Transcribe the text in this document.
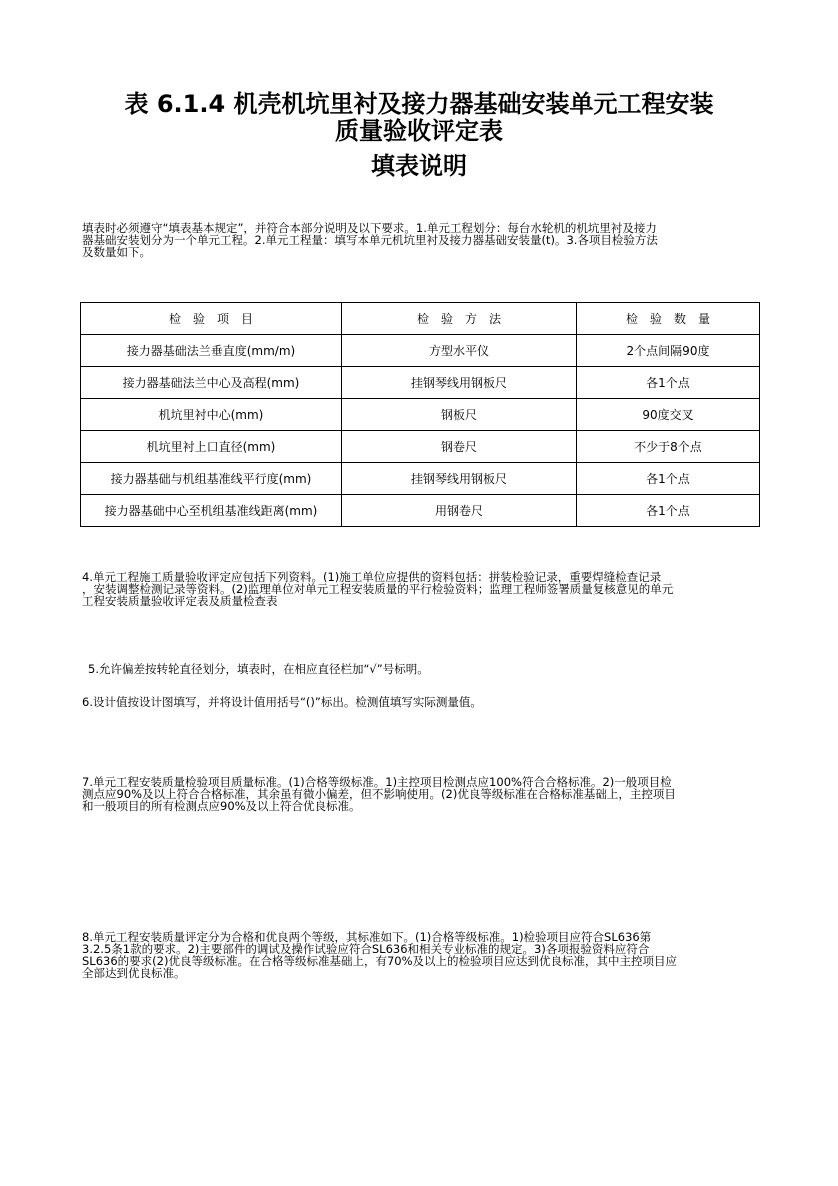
表 6.1.4 机壳机坑里衬及接力器基础安装单元工程安装
质量验收评定表
填表说明
填表时必须遵守“填表基本规定”，并符合本部分说明及以下要求。1.单元工程划分：每台水轮机的机坑里衬及接力
器基础安装划分为一个单元工程。2.单元工程量：填写本单元机坑里衬及接力器基础安装量(t)。3.各项目检验方法
及数量如下。
检　验　项　目	检　验　方　法	检　验　数　量
接力器基础法兰垂直度(mm/m)	方型水平仪	2个点间隔90度
接力器基础法兰中心及高程(mm)	挂钢琴线用钢板尺	各1个点
机坑里衬中心(mm)	钢板尺	90度交叉
机坑里衬上口直径(mm)	钢卷尺	不少于8个点
接力器基础与机组基准线平行度(mm)	挂钢琴线用钢板尺	各1个点
接力器基础中心至机组基准线距离(mm)	用钢卷尺	各1个点
4.单元工程施工质量验收评定应包括下列资料。(1)施工单位应提供的资料包括：拼装检验记录，重要焊缝检查记录
，安装调整检测记录等资料。(2)监理单位对单元工程安装质量的平行检验资料；监理工程师签署质量复核意见的单元
工程安装质量验收评定表及质量检查表
5.允许偏差按转轮直径划分，填表时，在相应直径栏加“√”号标明。
6.设计值按设计图填写，并将设计值用括号“()”标出。检测值填写实际测量值。
7.单元工程安装质量检验项目质量标准。(1)合格等级标准。1)主控项目检测点应100%符合合格标准。2)一般项目检
测点应90%及以上符合合格标准，其余虽有微小偏差，但不影响使用。(2)优良等级标准在合格标准基础上，主控项目
和一般项目的所有检测点应90%及以上符合优良标准。
8.单元工程安装质量评定分为合格和优良两个等级，其标准如下。(1)合格等级标准。1)检验项目应符合SL636第
3.2.5条1款的要求。2)主要部件的调试及操作试验应符合SL636和相关专业标准的规定。3)各项报验资料应符合
SL636的要求(2)优良等级标准。在合格等级标准基础上，有70%及以上的检验项目应达到优良标准，其中主控项目应
全部达到优良标准。
